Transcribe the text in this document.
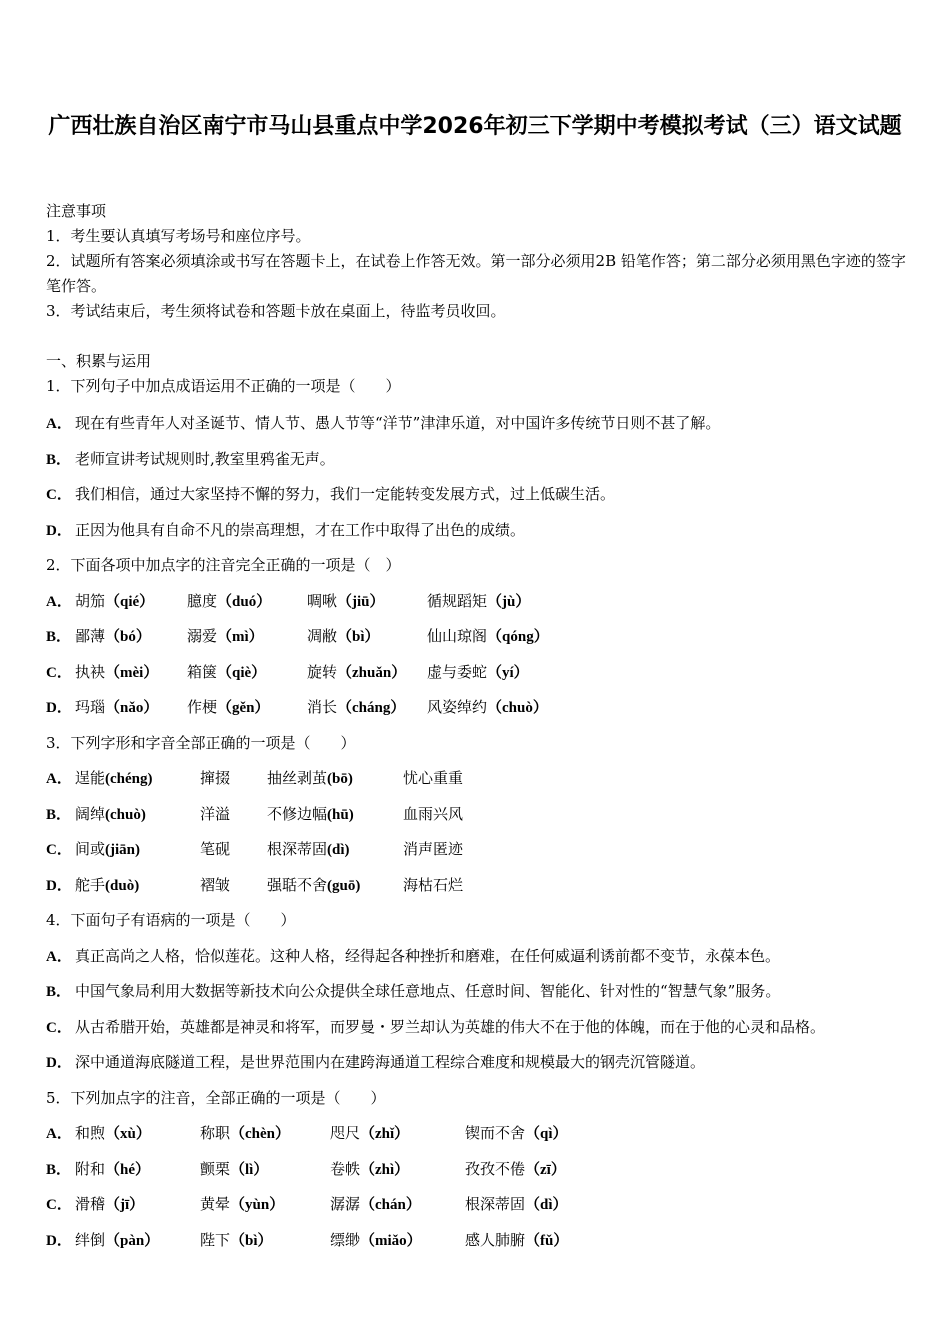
广西壮族自治区南宁市马山县重点中学2026年初三下学期中考模拟考试（三）语文试题
注意事项
1．考生要认真填写考场号和座位序号。
2．试题所有答案必须填涂或书写在答题卡上，在试卷上作答无效。第一部分必须用2B 铅笔作答；第二部分必须用黑色字迹的签字笔作答。
3．考试结束后，考生须将试卷和答题卡放在桌面上，待监考员收回。
一、积累与运用
1．下列句子中加点成语运用不正确的一项是（　　）
A． 现在有些青年人对圣诞节、情人节、愚人节等“洋节”津津乐道，对中国许多传统节日则不甚了解。
B． 老师宣讲考试规则时,教室里鸦雀无声。
C． 我们相信，通过大家坚持不懈的努力，我们一定能转变发展方式，过上低碳生活。
D． 正因为他具有自命不凡的崇高理想，才在工作中取得了出色的成绩。
2．下面各项中加点字的注音完全正确的一项是（　）
A． 胡笳（qié） 臆度（duó） 啁啾（jiū）	循规蹈矩（jù）
B． 鄙薄（bó） 溺爱（mì）	凋敝（bì）	仙山琼阁（qóng）
C． 执袂（mèi） 箱箧（qiè）	旋转（zhuǎn） 虚与委蛇（yí）
D． 玛瑙（nǎo） 作梗（gěn） 消长（cháng） 风姿绰约（chuò）
3．下列字形和字音全部正确的一项是（　　）
A． 逞能(chéng)	撺掇 抽丝剥茧(bō)	忧心重重
B． 阔绰(chuò)	洋溢 不修边幅(hū)	血雨兴风
C． 间或(jiān)	笔砚 根深蒂固(dì)	消声匿迹
D． 舵手(duò)	褶皱 强聒不舍(guō)	海枯石烂
4．下面句子有语病的一项是（　　）
A． 真正高尚之人格，恰似莲花。这种人格，经得起各种挫折和磨难，在任何威逼利诱前都不变节，永葆本色。
B． 中国气象局利用大数据等新技术向公众提供全球任意地点、任意时间、智能化、针对性的“智慧气象”服务。
C． 从古希腊开始，英雄都是神灵和将军，而罗曼・罗兰却认为英雄的伟大不在于他的体魄，而在于他的心灵和品格。
D． 深中通道海底隧道工程，是世界范围内在建跨海通道工程综合难度和规模最大的钢壳沉管隧道。
5．下列加点字的注音，全部正确的一项是（　　）
A． 和煦（xù）	称职（chèn）	咫尺（zhǐ）	锲而不舍（qì）
B． 附和（hé）	颤栗（lì）	卷帙（zhì）	孜孜不倦（zī）
C． 滑稽（jī）	黄晕（yùn）	潺潺（chán）	根深蒂固（dì）
D． 绊倒（pàn）	陛下（bì）	缥缈（miǎo）	感人肺腑（fǔ）
